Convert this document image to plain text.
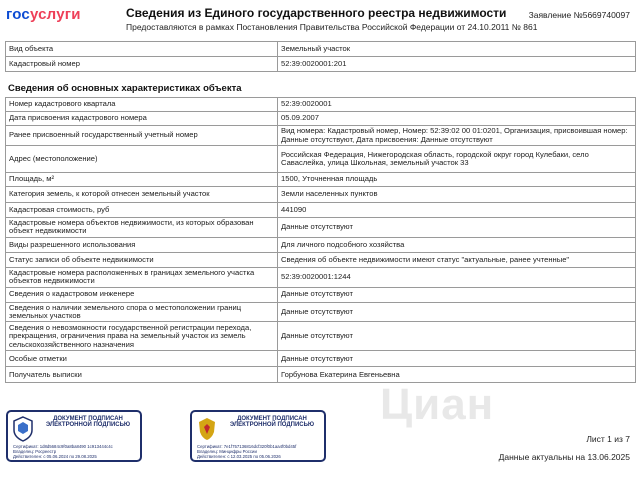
госуслуги	Сведения из Единого государственного реестра недвижимости
Предоставляются в рамках Постановления Правительства Российской Федерации от 24.10.2011 № 861
Заявление №5669740097
Вид объекта	Земельный участок
Кадастровый номер	52:39:0020001:201
Сведения об основных характеристиках объекта
Номер кадастрового квартала	52:39:0020001
Дата присвоения кадастрового номера	05.09.2007
Ранее присвоенный государственный учетный номер	Вид номера: Кадастровый номер, Номер: 52:39:02 00 01:0201, Организация, присвоившая номер: Данные отсутствуют, Дата присвоения: Данные отсутствуют
Адрес (местоположение)	Российская Федерация, Нижегородская область, городской округ город Кулебаки, село Саваслейка, улица Школьная, земельный участок 33
Площадь, м²	1500, Уточненная площадь
Категория земель, к которой отнесен земельный участок	Земли населенных пунктов
Кадастровая стоимость, руб	441090
Кадастровые номера объектов недвижимости, из которых образован объект недвижимости	Данные отсутствуют
Виды разрешенного использования	Для личного подсобного хозяйства
Статус записи об объекте недвижимости	Сведения об объекте недвижимости имеют статус "актуальные, ранее учтенные"
Кадастровые номера расположенных в границах земельного участка объектов недвижимости	52:39:0020001:1244
Сведения о кадастровом инженере	Данные отсутствуют
Сведения о наличии земельного спора о местоположении границ земельных участков	Данные отсутствуют
Сведения о невозможности государственной регистрации перехода, прекращения, ограничения права на земельный участок из земель сельскохозяйственного назначения	Данные отсутствуют
Особые отметки	Данные отсутствуют
Получатель выписки	Горбунова Екатерина Евгеньевна
Циан
ДОКУМЕНТ ПОДПИСАН ЭЛЕКТРОННОЙ ПОДПИСЬЮ
Сертификат: 1d8d5684c9f0a8ba8490 1c913444c4c
Владелец: Росреестр
Действителен: с 05.06.2024 по 29.08.2025
ДОКУМЕНТ ПОДПИСАН ЭЛЕКТРОННОЙ ПОДПИСЬЮ
Сертификат: 7e1f757136816dcf320f0b1aa4f0bd45f
Владелец: Минцифры России
Действителен: с 12.03.2025 по 05.06.2026
Лист 1 из 7
Данные актуальны на 13.06.2025
